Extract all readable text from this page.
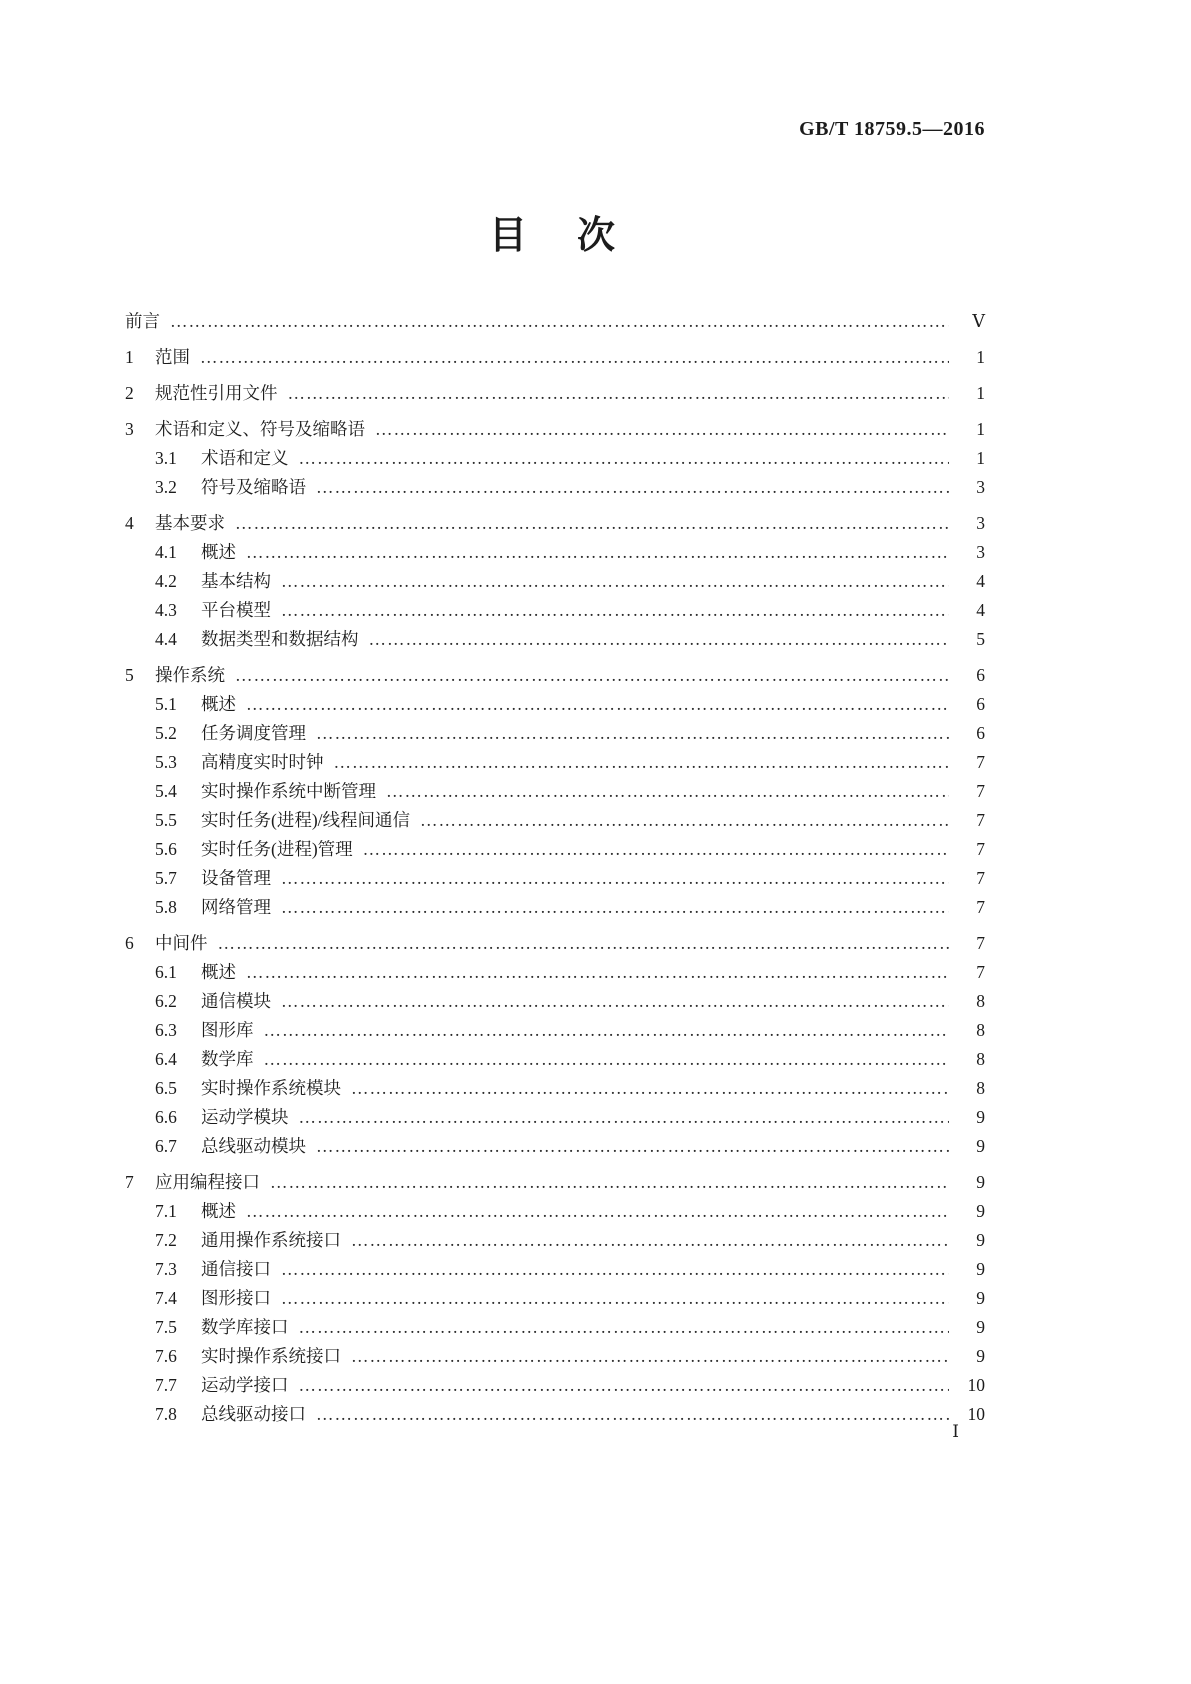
GB/T 18759.5—2016
目　次
前言 …………………………………………………………………………………………………………………………………………………………………………………………	Ⅴ
1	范围 …………………………………………………………………………………………………………………………………………………………………………………………	1
2	规范性引用文件 …………………………………………………………………………………………………………………………………………………………………………………………	1
3	术语和定义、符号及缩略语 …………………………………………………………………………………………………………………………………………………………………………………………	1
3.1	术语和定义 …………………………………………………………………………………………………………………………………………………………………………………………	1
3.2	符号及缩略语 …………………………………………………………………………………………………………………………………………………………………………………………	3
4	基本要求 …………………………………………………………………………………………………………………………………………………………………………………………	3
4.1	概述 …………………………………………………………………………………………………………………………………………………………………………………………	3
4.2	基本结构 …………………………………………………………………………………………………………………………………………………………………………………………	4
4.3	平台模型 …………………………………………………………………………………………………………………………………………………………………………………………	4
4.4	数据类型和数据结构 …………………………………………………………………………………………………………………………………………………………………………………………	5
5	操作系统 …………………………………………………………………………………………………………………………………………………………………………………………	6
5.1	概述 …………………………………………………………………………………………………………………………………………………………………………………………	6
5.2	任务调度管理 …………………………………………………………………………………………………………………………………………………………………………………………	6
5.3	高精度实时时钟 …………………………………………………………………………………………………………………………………………………………………………………………	7
5.4	实时操作系统中断管理 …………………………………………………………………………………………………………………………………………………………………………………………	7
5.5	实时任务(进程)/线程间通信 …………………………………………………………………………………………………………………………………………………………………………………………	7
5.6	实时任务(进程)管理 …………………………………………………………………………………………………………………………………………………………………………………………	7
5.7	设备管理 …………………………………………………………………………………………………………………………………………………………………………………………	7
5.8	网络管理 …………………………………………………………………………………………………………………………………………………………………………………………	7
6	中间件 …………………………………………………………………………………………………………………………………………………………………………………………	7
6.1	概述 …………………………………………………………………………………………………………………………………………………………………………………………	7
6.2	通信模块 …………………………………………………………………………………………………………………………………………………………………………………………	8
6.3	图形库 …………………………………………………………………………………………………………………………………………………………………………………………	8
6.4	数学库 …………………………………………………………………………………………………………………………………………………………………………………………	8
6.5	实时操作系统模块 …………………………………………………………………………………………………………………………………………………………………………………………	8
6.6	运动学模块 …………………………………………………………………………………………………………………………………………………………………………………………	9
6.7	总线驱动模块 …………………………………………………………………………………………………………………………………………………………………………………………	9
7	应用编程接口 …………………………………………………………………………………………………………………………………………………………………………………………	9
7.1	概述 …………………………………………………………………………………………………………………………………………………………………………………………	9
7.2	通用操作系统接口 …………………………………………………………………………………………………………………………………………………………………………………………	9
7.3	通信接口 …………………………………………………………………………………………………………………………………………………………………………………………	9
7.4	图形接口 …………………………………………………………………………………………………………………………………………………………………………………………	9
7.5	数学库接口 …………………………………………………………………………………………………………………………………………………………………………………………	9
7.6	实时操作系统接口 …………………………………………………………………………………………………………………………………………………………………………………………	9
7.7	运动学接口 …………………………………………………………………………………………………………………………………………………………………………………………	10
7.8	总线驱动接口 …………………………………………………………………………………………………………………………………………………………………………………………	10
Ⅰ
